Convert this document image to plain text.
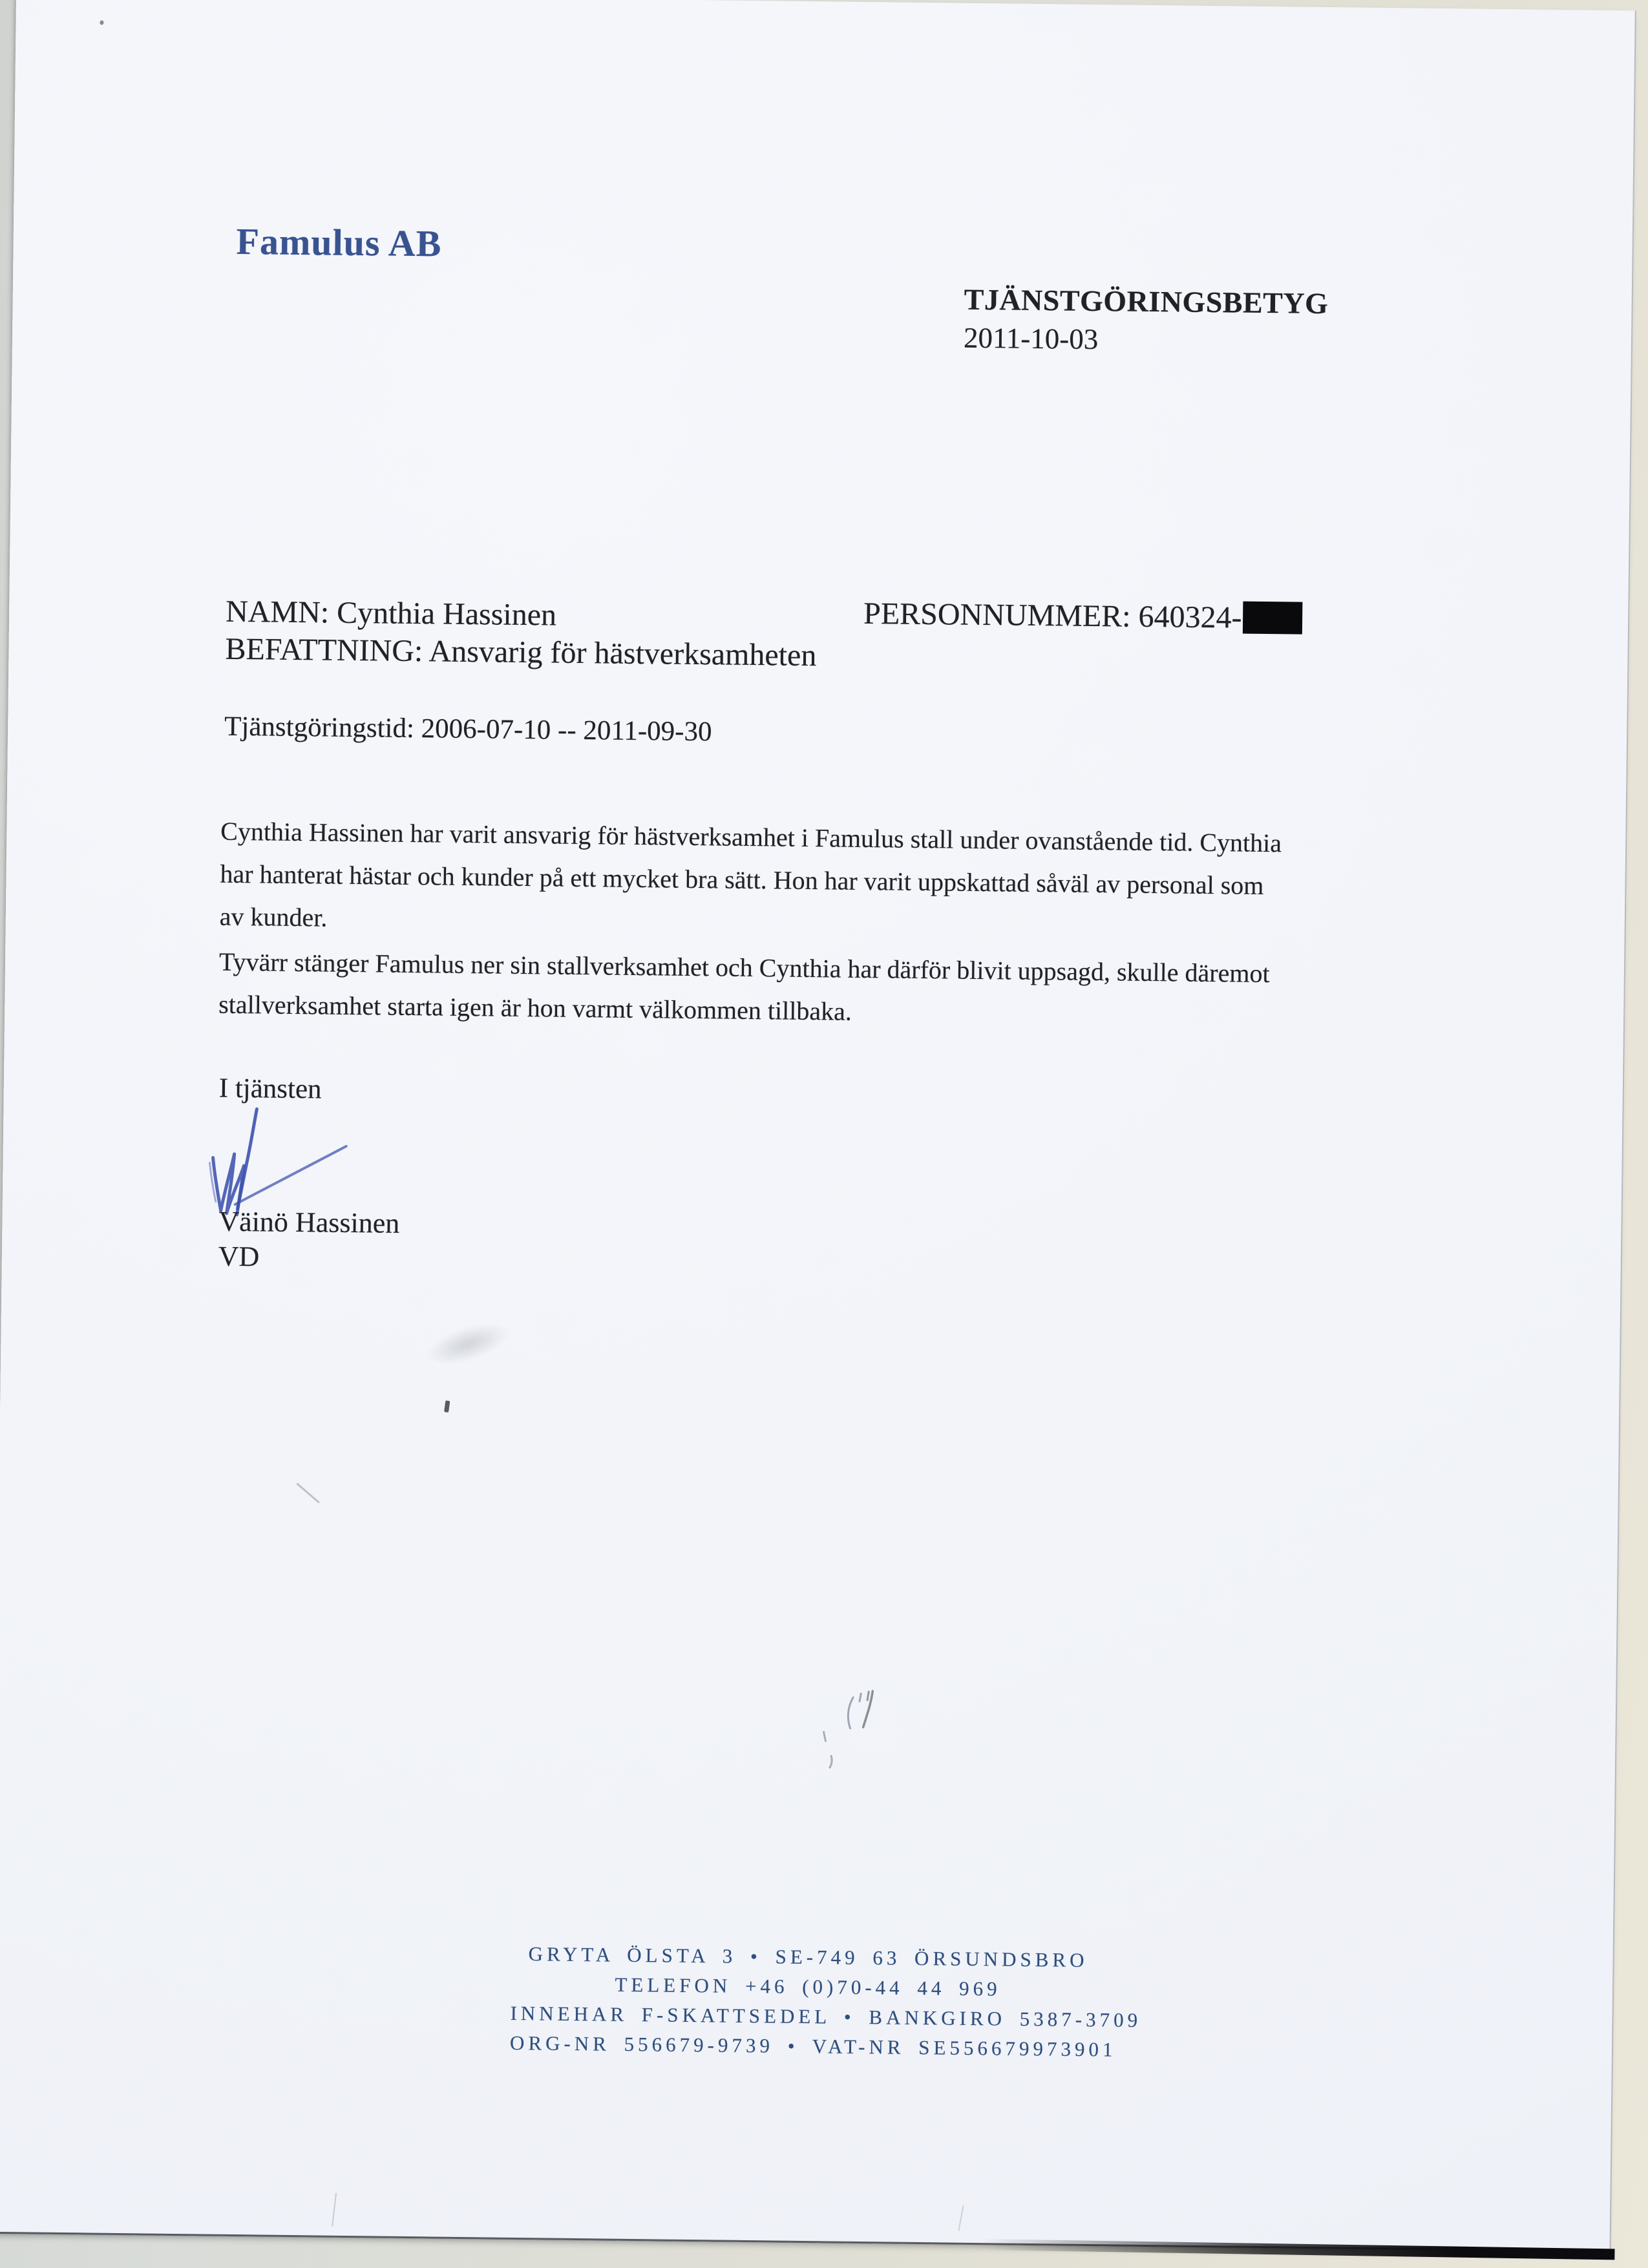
Famulus AB
TJÄNSTGÖRINGSBETYG
2011-10-03
NAMN: Cynthia Hassinen	PERSONNUMMER: 640324-
BEFATTNING: Ansvarig för hästverksamheten
Tjänstgöringstid: 2006-07-10 -- 2011-09-30
Cynthia Hassinen har varit ansvarig för hästverksamhet i Famulus stall under ovanstående tid. Cynthia
har hanterat hästar och kunder på ett mycket bra sätt. Hon har varit uppskattad såväl av personal som
av kunder.
Tyvärr stänger Famulus ner sin stallverksamhet och Cynthia har därför blivit uppsagd, skulle däremot
stallverksamhet starta igen är hon varmt välkommen tillbaka.
I tjänsten
Väinö Hassinen
VD
GRYTA ÖLSTA 3 • SE-749 63 ÖRSUNDSBRO
TELEFON +46 (0)70-44 44 969
INNEHAR F-SKATTSEDEL • BANKGIRO 5387-3709
ORG-NR 556679-9739 • VAT-NR SE556679973901
